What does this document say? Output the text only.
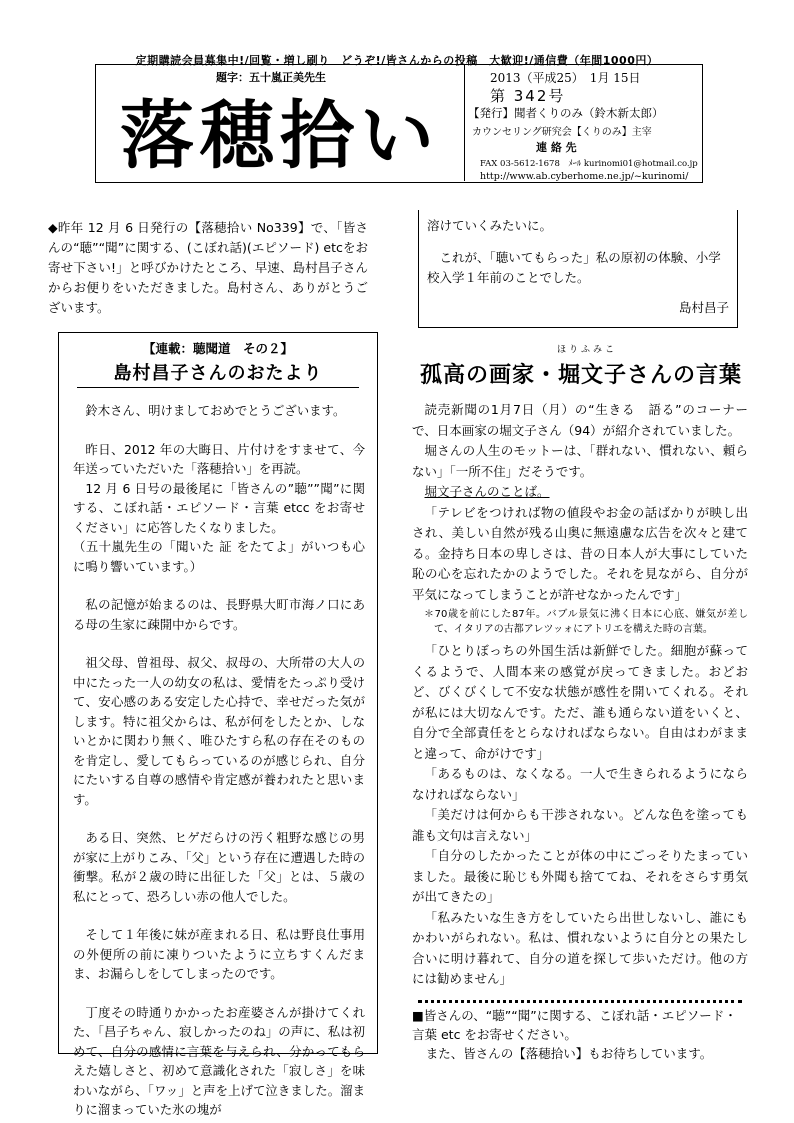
定期購読会員募集中!/回覧・増し刷り　どうぞ!/皆さんからの投稿　大歓迎!/通信費（年間1000円）
題字：五十嵐正美先生
落穂拾い
2013（平成25）　1月 15日
第 342号
【発行】聞者くりのみ（鈴木新太郎）
カウンセリング研究会【くりのみ】主宰
連 絡 先
FAX 03-5612-1678　ﾒｰﾙ kurinomi01@hotmail.co.jp
http://www.ab.cyberhome.ne.jp/~kurinomi/
◆昨年 12 月 6 日発行の【落穂拾い No339】で、「皆さんの“聴”“聞”に関する、(こぼれ話)(エピソード) etcをお寄せ下さい!」と呼びかけたところ、早速、島村昌子さんからお便りをいただきました。島村さん、ありがとうございます。

溶けていくみたいに。

これが、「聴いてもらった」私の原初の体験、小学校入学１年前のことでした。

島村昌子

【連載：聴聞道　その２】
島村昌子さんのおたより

鈴木さん、明けましておめでとうございます。

昨日、2012 年の大晦日、片付けをすませて、今年送っていただいた「落穂拾い」を再読。

12 月 6 日号の最後尾に「皆さんの”聴””聞”に関する、こぼれ話・エピソード・言葉 etcc をお寄せください」に応答したくなりました。

（五十嵐先生の「聞いた 証 をたてよ」がいつも心に鳴り響いています。）

私の記憶が始まるのは、長野県大町市海ノ口にある母の生家に疎開中からです。

祖父母、曽祖母、叔父、叔母の、大所帯の大人の中にたった一人の幼女の私は、愛情をたっぷり受けて、安心感のある安定した心持で、幸せだった気がします。特に祖父からは、私が何をしたとか、しないとかに関わり無く、唯ひたすら私の存在そのものを肯定し、愛してもらっているのが感じられ、自分にたいする自尊の感情や肯定感が養われたと思います。

ある日、突然、ヒゲだらけの汚く粗野な感じの男が家に上がりこみ、「父」という存在に遭遇した時の衝撃。私が２歳の時に出征した「父」とは、５歳の私にとって、恐ろしい赤の他人でした。

そして１年後に妹が産まれる日、私は野良仕事用の外便所の前に凍りついたように立ちすくんだまま、お漏らしをしてしまったのです。

丁度その時通りかかったお産婆さんが掛けてくれた、「昌子ちゃん、寂しかったのね」の声に、私は初めて、自分の感情に言葉を与えられ、分かってもらえた嬉しさと、初めて意識化された「寂しさ」を味わいながら、「ワッ」と声を上げて泣きました。溜まりに溜まっていた氷の塊が

ほりふみこ
孤高の画家・堀文子さんの言葉

読売新聞の1月7日（月）の“生きる　語る”のコーナーで、日本画家の堀文子さん（94）が紹介されていました。

堀さんの人生のモットーは、「群れない、慣れない、頼らない」「一所不住」だそうです。

堀文子さんのことば。

「テレビをつければ物の値段やお金の話ばかりが映し出され、美しい自然が残る山奥に無遠慮な広告を次々と建てる。金持ち日本の卑しさは、昔の日本人が大事にしていた恥の心を忘れたかのようでした。それを見ながら、自分が平気になってしまうことが許せなかったんです」

＊70歳を前にした87年。バブル景気に沸く日本に心底、嫌気が差して、イタリアの古都アレツッォにアトリエを構えた時の言葉。

「ひとりぼっちの外国生活は新鮮でした。細胞が蘇ってくるようで、人間本来の感覚が戻ってきました。おどおど、びくびくして不安な状態が感性を開いてくれる。それが私には大切なんです。ただ、誰も通らない道をいくと、自分で全部責任をとらなければならない。自由はわがままと違って、命がけです」

「あるものは、なくなる。一人で生きられるようにならなければならない」

「美だけは何からも干渉されない。どんな色を塗っても誰も文句は言えない」

「自分のしたかったことが体の中にごっそりたまっていました。最後に恥じも外聞も捨ててね、それをさらす勇気が出てきたの」

「私みたいな生き方をしていたら出世しないし、誰にもかわいがられない。私は、慣れないように自分との果たし合いに明け暮れて、自分の道を探して歩いただけ。他の方には勧めません」

■皆さんの、“聴”“聞”に関する、こぼれ話・エピソード・言葉 etc をお寄せください。

また、皆さんの【落穂拾い】もお待ちしています。
